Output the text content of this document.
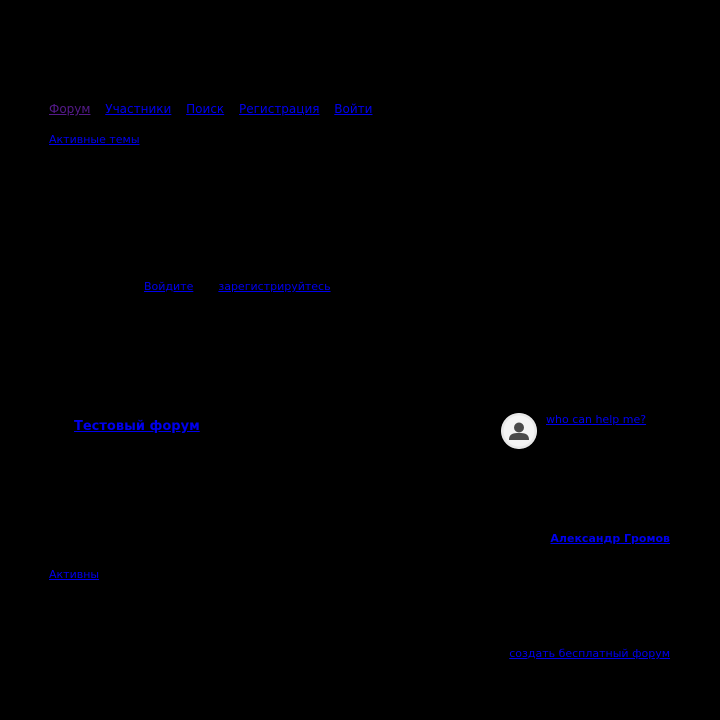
Форум Участники Поиск Регистрация Войти
Активные темы
Войдите зарегистрируйтесь
Тестовый форум	who can help me?
Александр Громов
Активны
создать бесплатный форум
